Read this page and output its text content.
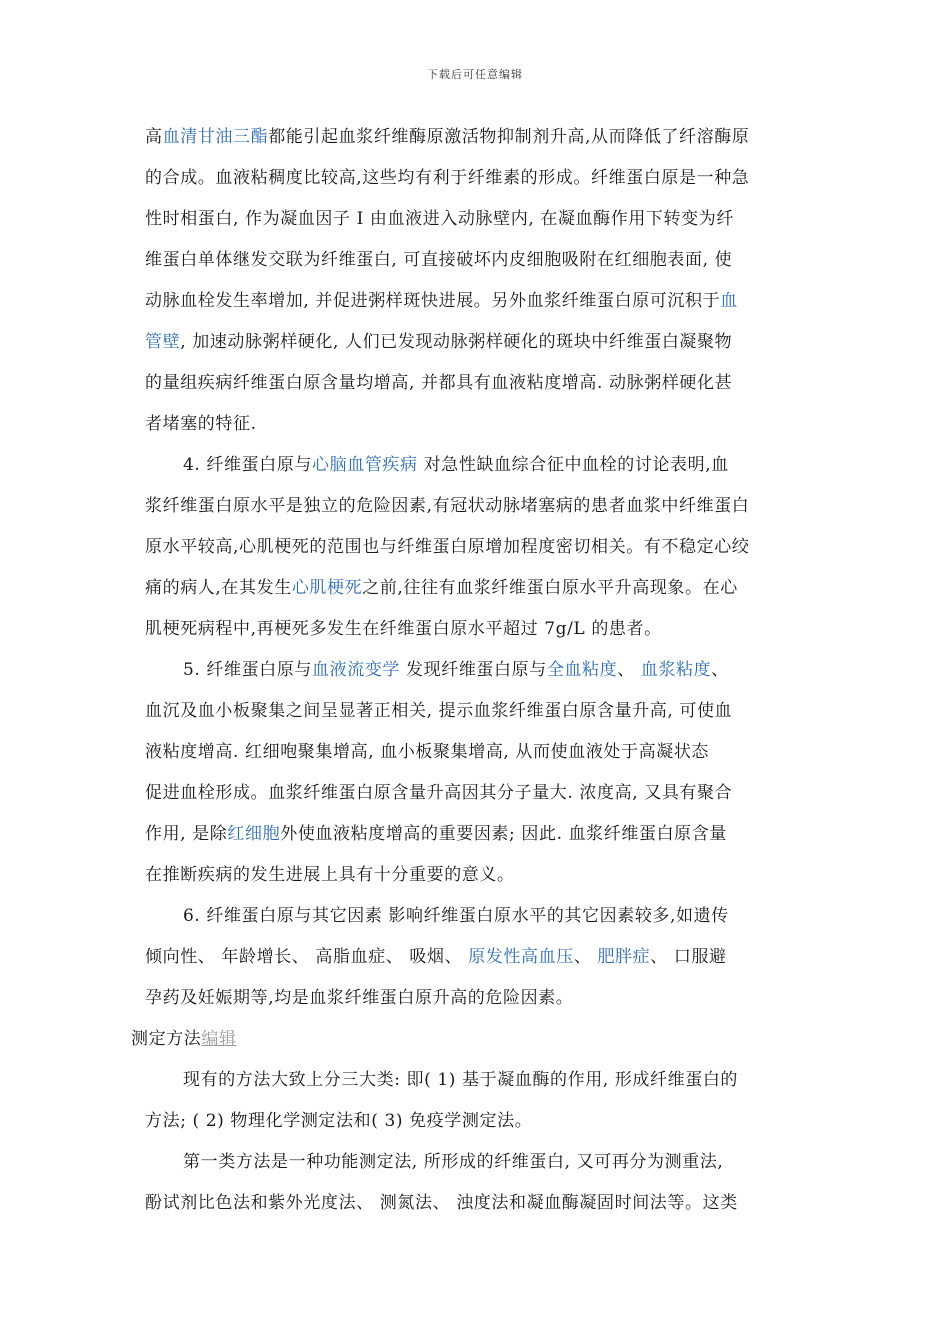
下载后可任意编辑
高血清甘油三酯都能引起血浆纤维酶原激活物抑制剂升高,从而降低了纤溶酶原
的合成。血液粘稠度比较高,这些均有利于纤维素的形成。纤维蛋白原是一种急
性时相蛋白, 作为凝血因子 I 由血液进入动脉壁内, 在凝血酶作用下转变为纤
维蛋白单体继发交联为纤维蛋白, 可直接破坏内皮细胞吸附在红细胞表面, 使
动脉血栓发生率增加, 并促进粥样斑快进展。另外血浆纤维蛋白原可沉积于血
管壁, 加速动脉粥样硬化, 人们已发现动脉粥样硬化的斑块中纤维蛋白凝聚物
的量组疾病纤维蛋白原含量均增高, 并都具有血液粘度增高. 动脉粥样硬化甚
者堵塞的特征.
4. 纤维蛋白原与心脑血管疾病 对急性缺血综合征中血栓的讨论表明,血
浆纤维蛋白原水平是独立的危险因素,有冠状动脉堵塞病的患者血浆中纤维蛋白
原水平较高,心肌梗死的范围也与纤维蛋白原增加程度密切相关。有不稳定心绞
痛的病人,在其发生心肌梗死之前,往往有血浆纤维蛋白原水平升高现象。在心
肌梗死病程中,再梗死多发生在纤维蛋白原水平超过 7g/L 的患者。
5. 纤维蛋白原与血液流变学 发现纤维蛋白原与全血粘度、 血浆粘度、
血沉及血小板聚集之间呈显著正相关, 提示血浆纤维蛋白原含量升高, 可使血
液粘度增高. 红细咆聚集增高, 血小板聚集增高, 从而使血液处于高凝状态
促进血栓形成。血浆纤维蛋白原含量升高因其分子量大. 浓度高, 又具有聚合
作用, 是除红细胞外使血液粘度增高的重要因素; 因此. 血浆纤维蛋白原含量
在推断疾病的发生进展上具有十分重要的意义。
6. 纤维蛋白原与其它因素 影响纤维蛋白原水平的其它因素较多,如遗传
倾向性、 年龄增长、 高脂血症、 吸烟、 原发性高血压、 肥胖症、 口服避
孕药及妊娠期等,均是血浆纤维蛋白原升高的危险因素。
测定方法编辑
现有的方法大致上分三大类: 即( 1) 基于凝血酶的作用, 形成纤维蛋白的
方法; ( 2) 物理化学测定法和( 3) 免疫学测定法。
第一类方法是一种功能测定法, 所形成的纤维蛋白, 又可再分为测重法,
酚试剂比色法和紫外光度法、 测氮法、 浊度法和凝血酶凝固时间法等。这类
